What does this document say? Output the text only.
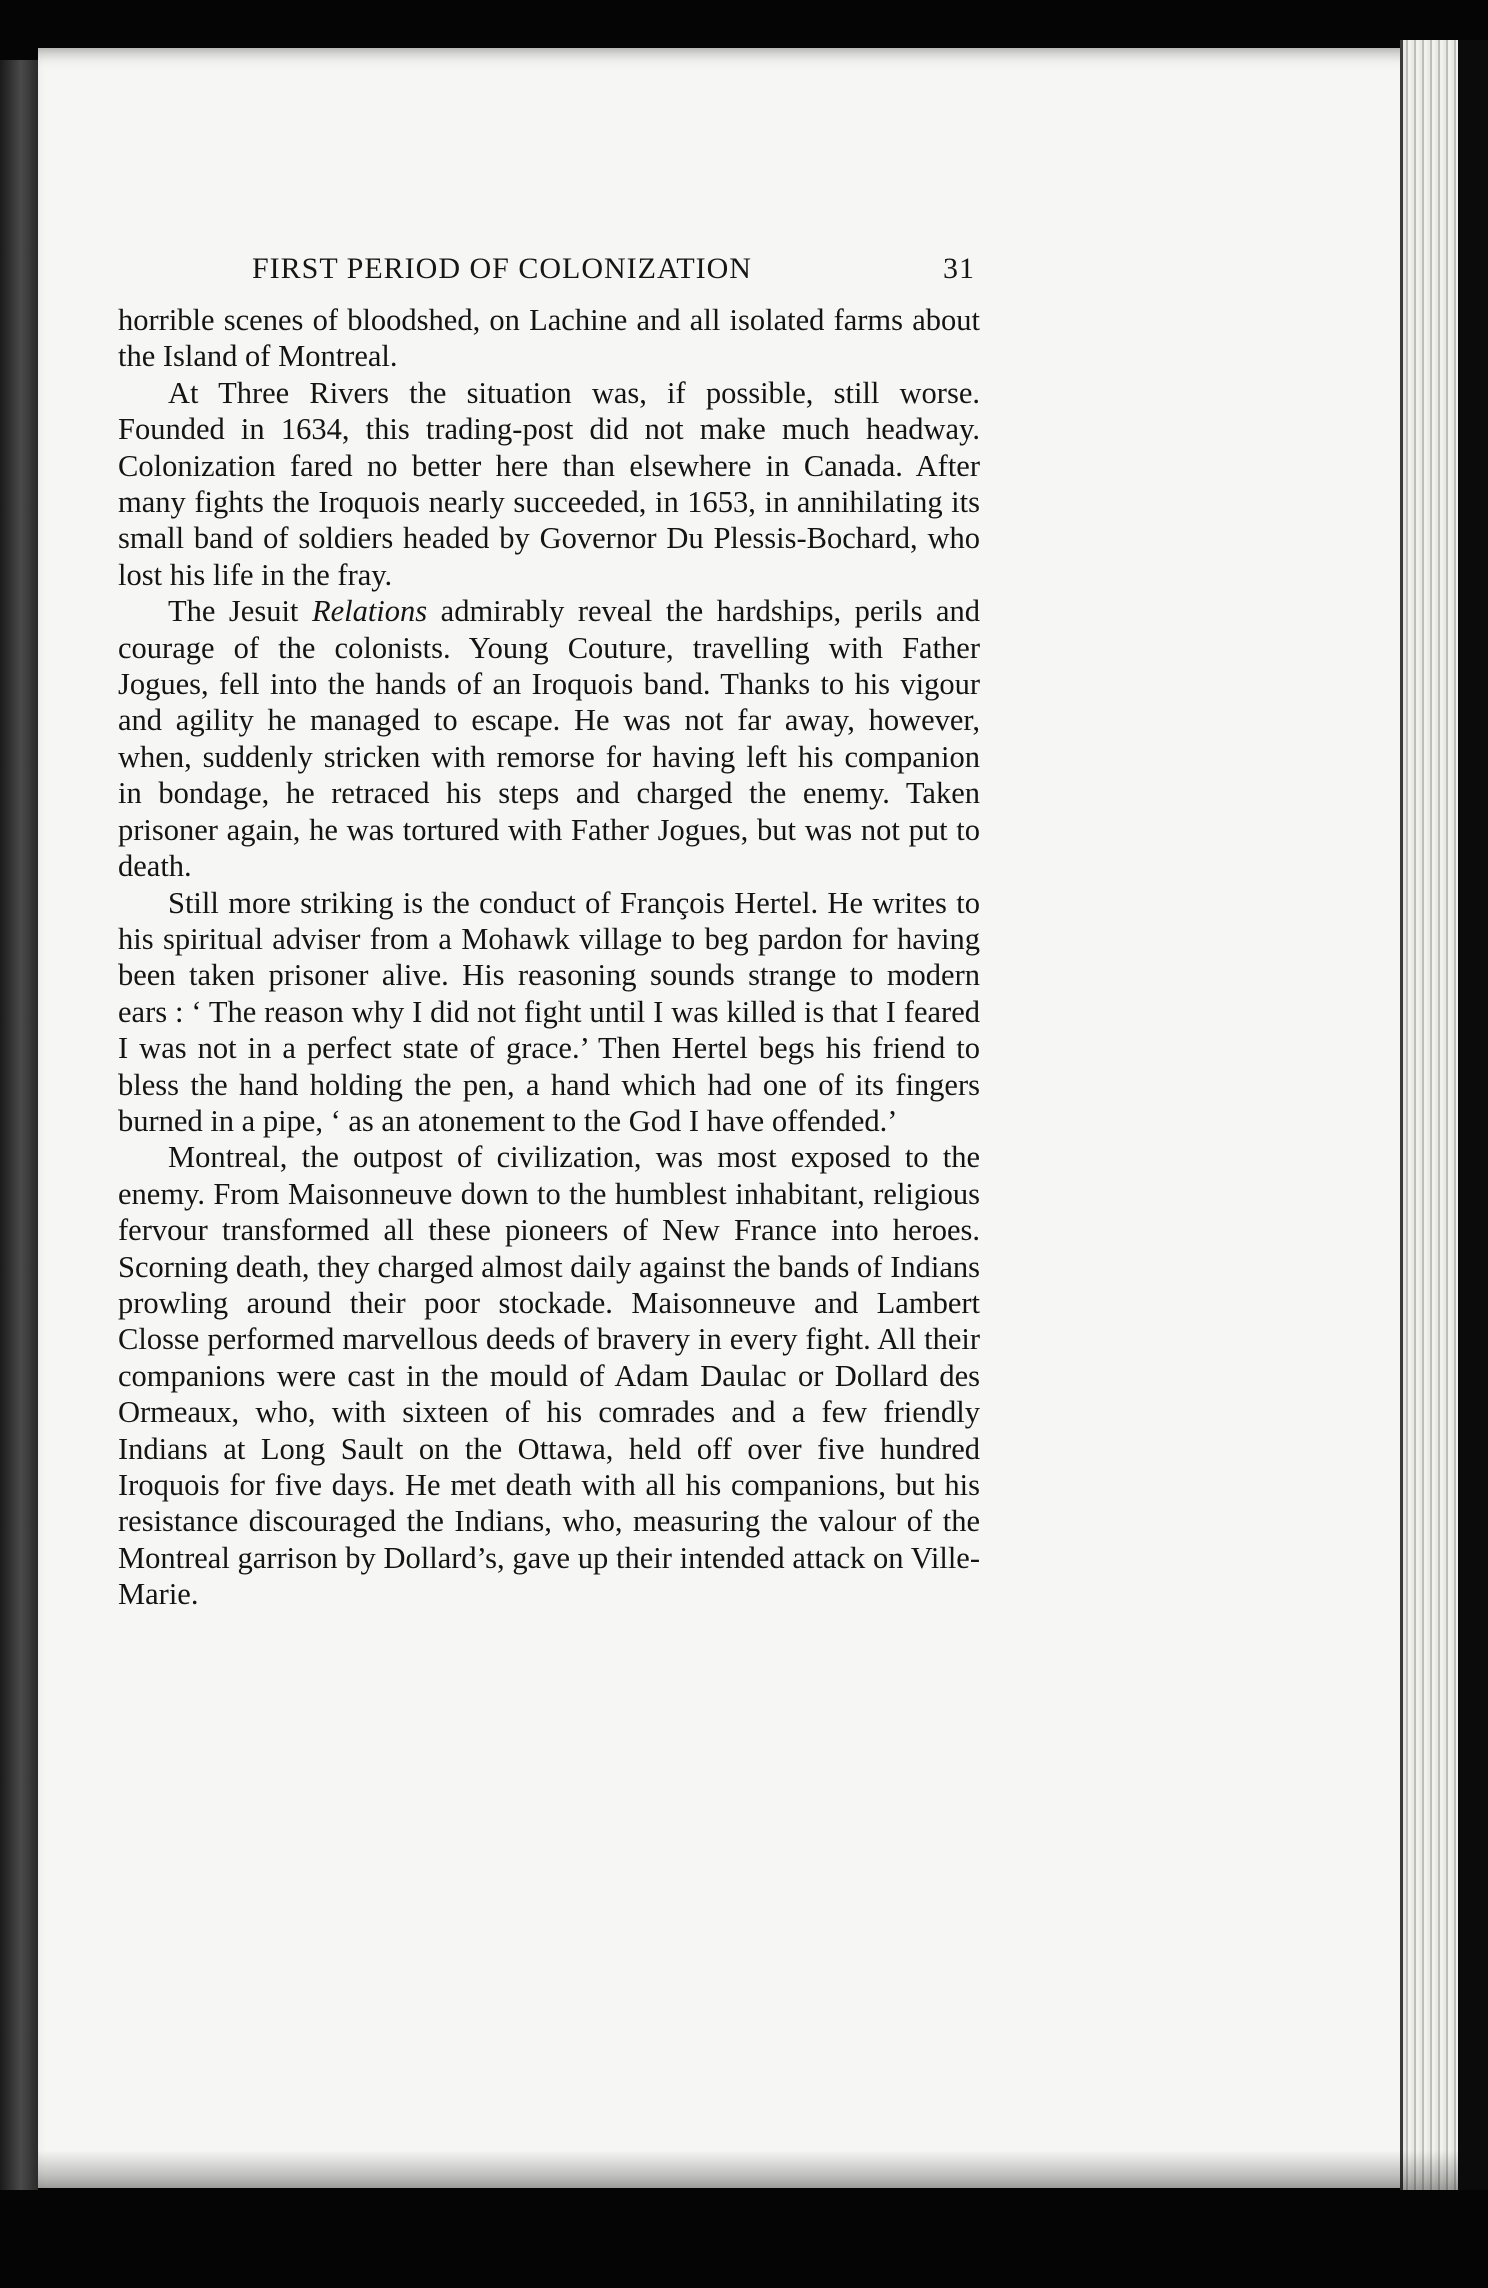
FIRST PERIOD OF COLONIZATION	31

horrible scenes of bloodshed, on Lachine and all isolated farms about the Island of Montreal.

At Three Rivers the situation was, if possible, still worse. Founded in 1634, this trading-post did not make much headway. Colonization fared no better here than elsewhere in Canada. After many fights the Iroquois nearly succeeded, in 1653, in annihilating its small band of soldiers headed by Governor Du Plessis-Bochard, who lost his life in the fray.

The Jesuit Relations admirably reveal the hardships, perils and courage of the colonists. Young Couture, travelling with Father Jogues, fell into the hands of an Iroquois band. Thanks to his vigour and agility he managed to escape. He was not far away, however, when, suddenly stricken with remorse for having left his companion in bondage, he retraced his steps and charged the enemy. Taken prisoner again, he was tortured with Father Jogues, but was not put to death.

Still more striking is the conduct of François Hertel. He writes to his spiritual adviser from a Mohawk village to beg pardon for having been taken prisoner alive. His reasoning sounds strange to modern ears : ‘ The reason why I did not fight until I was killed is that I feared I was not in a perfect state of grace.’ Then Hertel begs his friend to bless the hand holding the pen, a hand which had one of its fingers burned in a pipe, ‘ as an atonement to the God I have offended.’

Montreal, the outpost of civilization, was most exposed to the enemy. From Maisonneuve down to the humblest inhabitant, religious fervour transformed all these pioneers of New France into heroes. Scorning death, they charged almost daily against the bands of Indians prowling around their poor stockade. Maisonneuve and Lambert Closse performed marvellous deeds of bravery in every fight. All their companions were cast in the mould of Adam Daulac or Dollard des Ormeaux, who, with sixteen of his comrades and a few friendly Indians at Long Sault on the Ottawa, held off over five hundred Iroquois for five days. He met death with all his companions, but his resistance discouraged the Indians, who, measuring the valour of the Montreal garrison by Dollard’s, gave up their intended attack on Ville-Marie.
